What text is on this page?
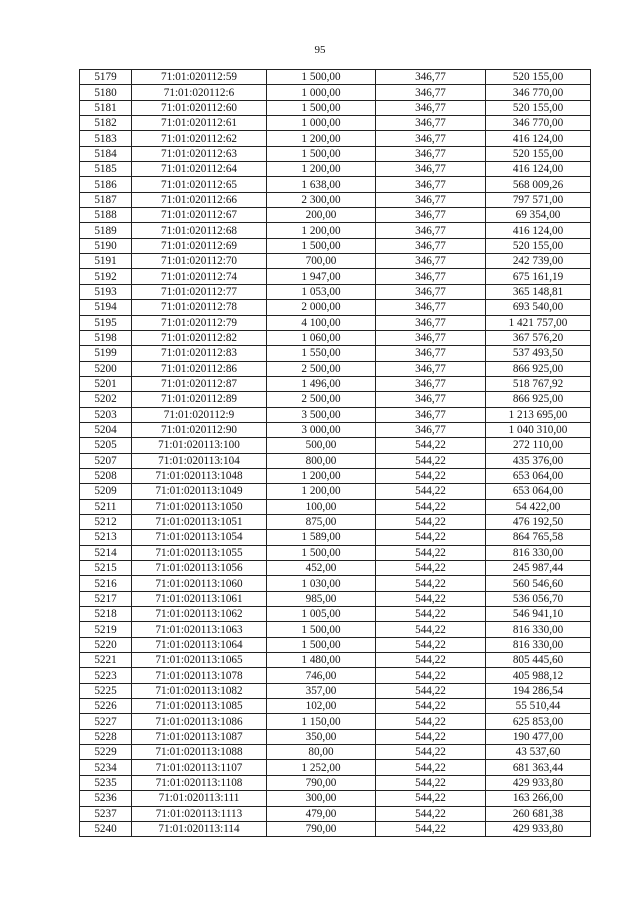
95
5179	71:01:020112:59	1 500,00	346,77	520 155,00
5180	71:01:020112:6	1 000,00	346,77	346 770,00
5181	71:01:020112:60	1 500,00	346,77	520 155,00
5182	71:01:020112:61	1 000,00	346,77	346 770,00
5183	71:01:020112:62	1 200,00	346,77	416 124,00
5184	71:01:020112:63	1 500,00	346,77	520 155,00
5185	71:01:020112:64	1 200,00	346,77	416 124,00
5186	71:01:020112:65	1 638,00	346,77	568 009,26
5187	71:01:020112:66	2 300,00	346,77	797 571,00
5188	71:01:020112:67	200,00	346,77	69 354,00
5189	71:01:020112:68	1 200,00	346,77	416 124,00
5190	71:01:020112:69	1 500,00	346,77	520 155,00
5191	71:01:020112:70	700,00	346,77	242 739,00
5192	71:01:020112:74	1 947,00	346,77	675 161,19
5193	71:01:020112:77	1 053,00	346,77	365 148,81
5194	71:01:020112:78	2 000,00	346,77	693 540,00
5195	71:01:020112:79	4 100,00	346,77	1 421 757,00
5198	71:01:020112:82	1 060,00	346,77	367 576,20
5199	71:01:020112:83	1 550,00	346,77	537 493,50
5200	71:01:020112:86	2 500,00	346,77	866 925,00
5201	71:01:020112:87	1 496,00	346,77	518 767,92
5202	71:01:020112:89	2 500,00	346,77	866 925,00
5203	71:01:020112:9	3 500,00	346,77	1 213 695,00
5204	71:01:020112:90	3 000,00	346,77	1 040 310,00
5205	71:01:020113:100	500,00	544,22	272 110,00
5207	71:01:020113:104	800,00	544,22	435 376,00
5208	71:01:020113:1048	1 200,00	544,22	653 064,00
5209	71:01:020113:1049	1 200,00	544,22	653 064,00
5211	71:01:020113:1050	100,00	544,22	54 422,00
5212	71:01:020113:1051	875,00	544,22	476 192,50
5213	71:01:020113:1054	1 589,00	544,22	864 765,58
5214	71:01:020113:1055	1 500,00	544,22	816 330,00
5215	71:01:020113:1056	452,00	544,22	245 987,44
5216	71:01:020113:1060	1 030,00	544,22	560 546,60
5217	71:01:020113:1061	985,00	544,22	536 056,70
5218	71:01:020113:1062	1 005,00	544,22	546 941,10
5219	71:01:020113:1063	1 500,00	544,22	816 330,00
5220	71:01:020113:1064	1 500,00	544,22	816 330,00
5221	71:01:020113:1065	1 480,00	544,22	805 445,60
5223	71:01:020113:1078	746,00	544,22	405 988,12
5225	71:01:020113:1082	357,00	544,22	194 286,54
5226	71:01:020113:1085	102,00	544,22	55 510,44
5227	71:01:020113:1086	1 150,00	544,22	625 853,00
5228	71:01:020113:1087	350,00	544,22	190 477,00
5229	71:01:020113:1088	80,00	544,22	43 537,60
5234	71:01:020113:1107	1 252,00	544,22	681 363,44
5235	71:01:020113:1108	790,00	544,22	429 933,80
5236	71:01:020113:111	300,00	544,22	163 266,00
5237	71:01:020113:1113	479,00	544,22	260 681,38
5240	71:01:020113:114	790,00	544,22	429 933,80
